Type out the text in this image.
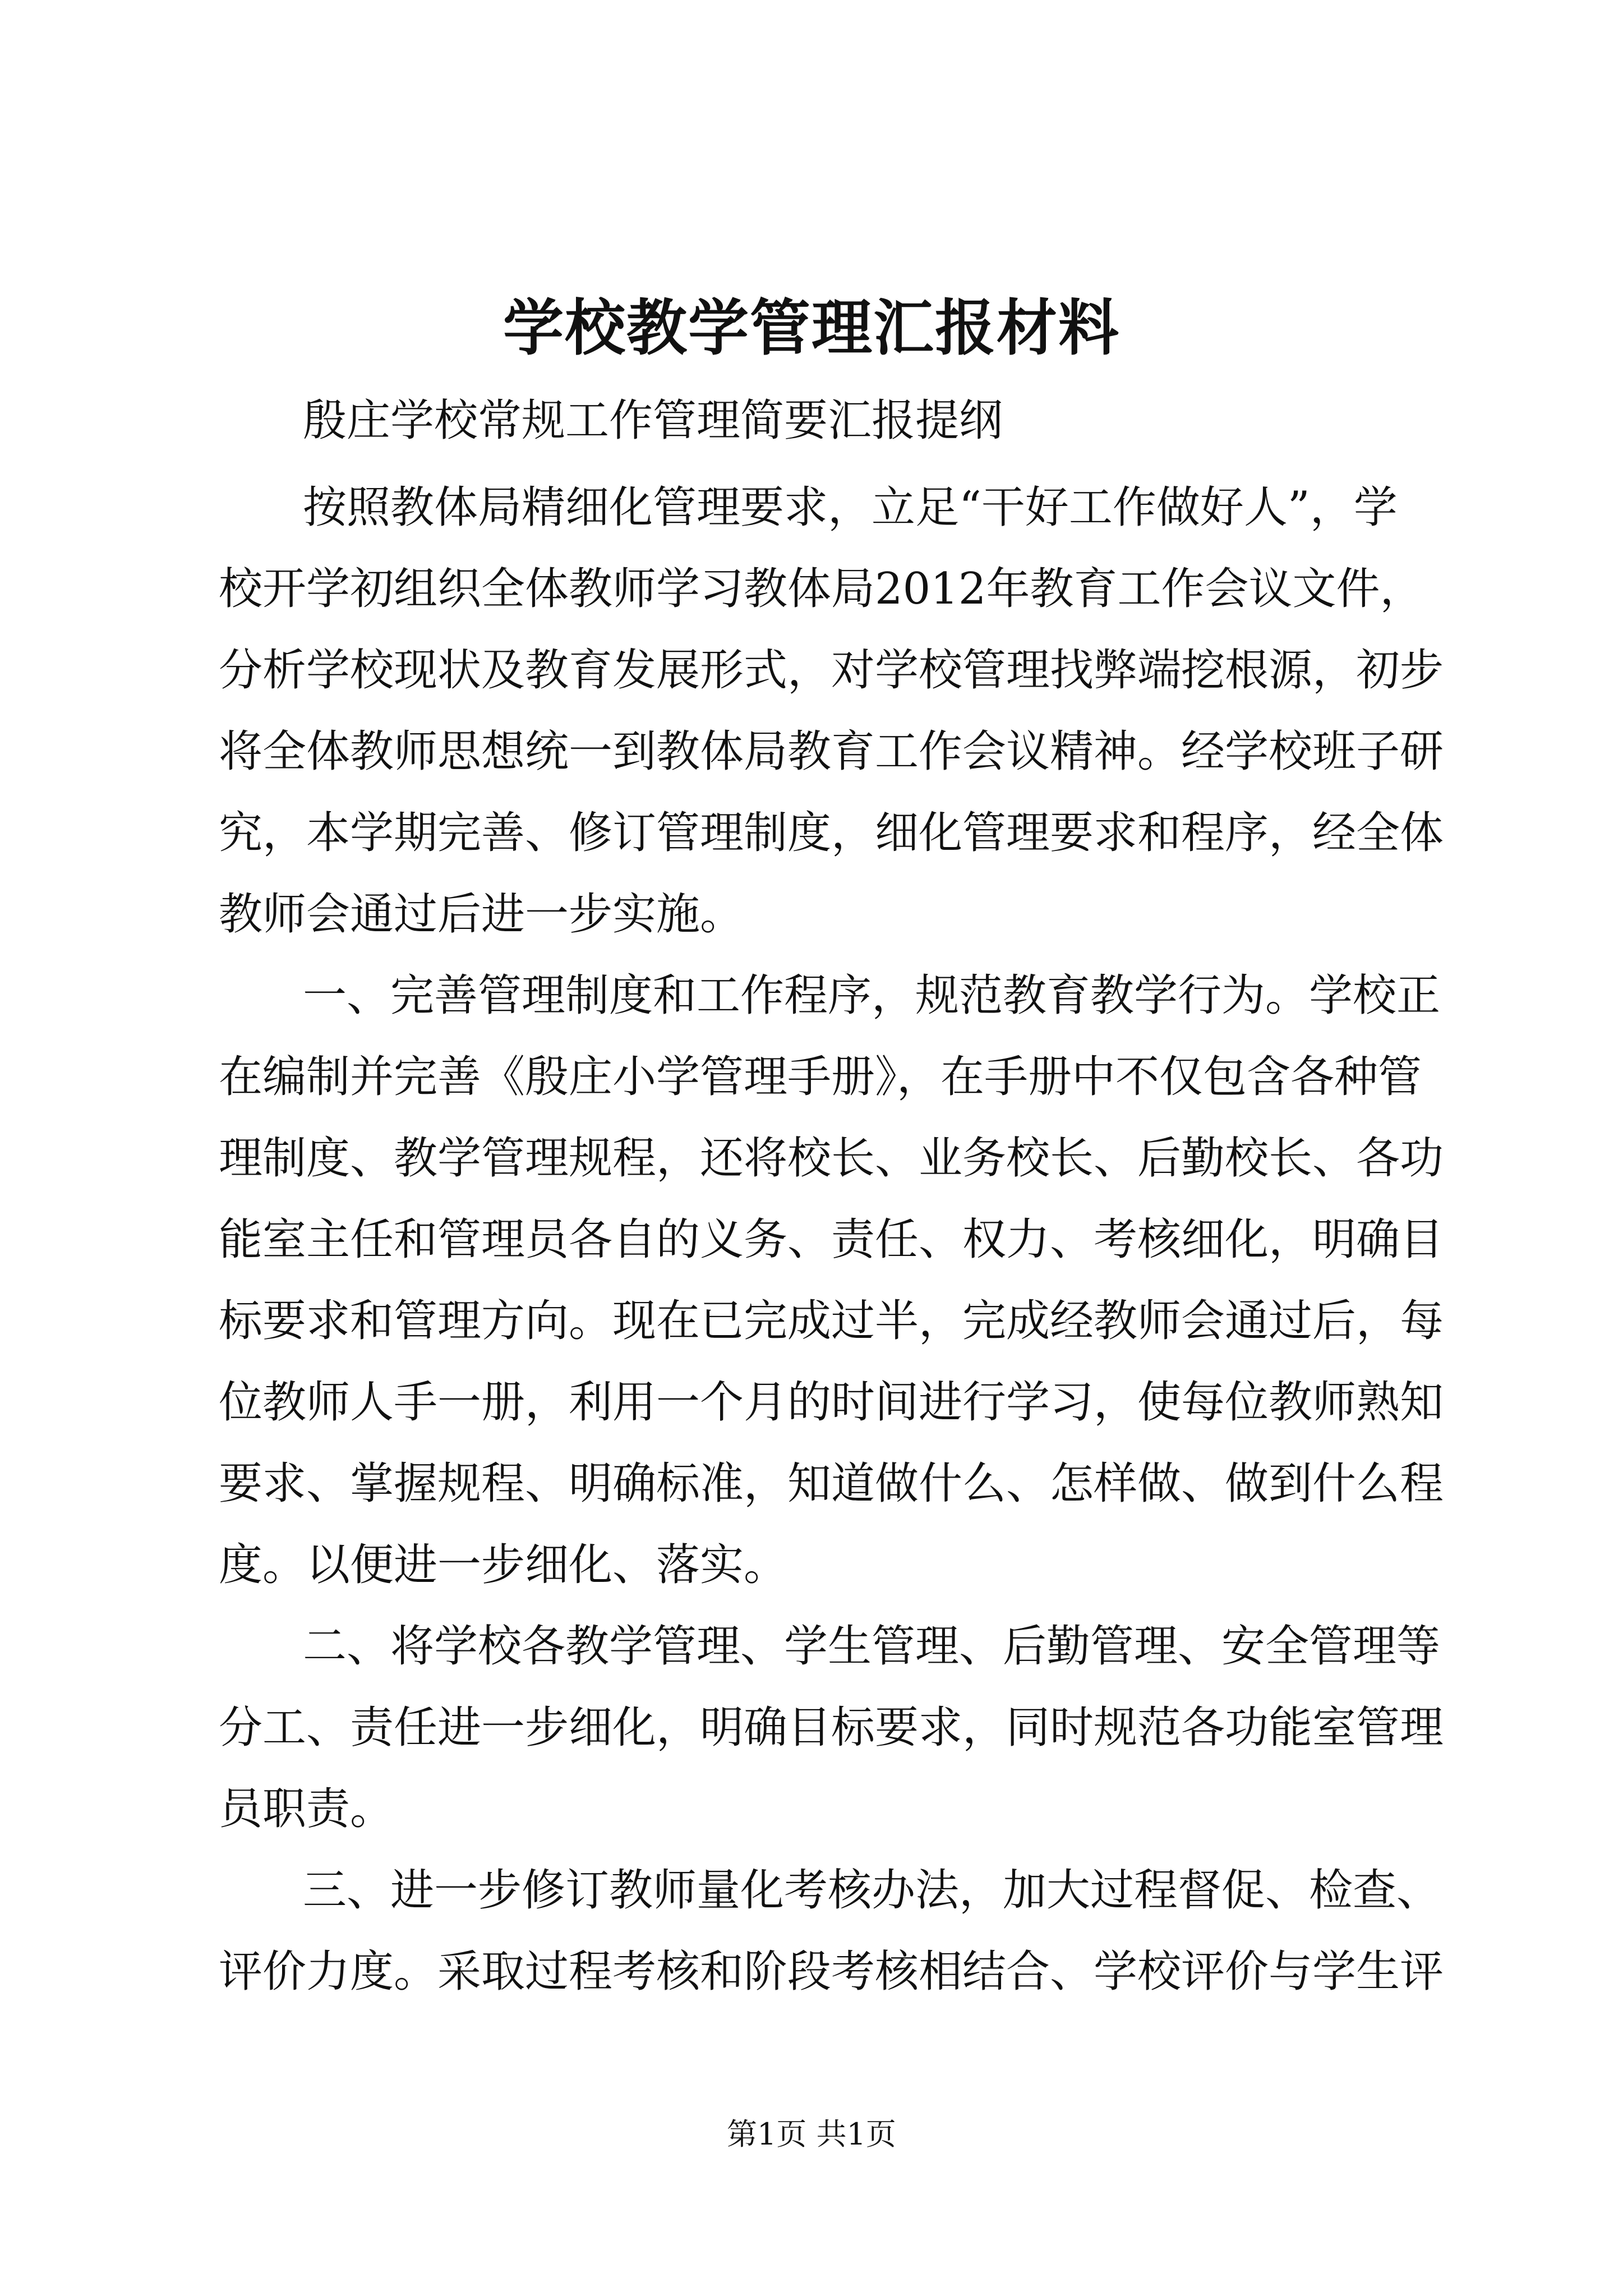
学校教学管理汇报材料
殷庄学校常规工作管理简要汇报提纲
按照教体局精细化管理要求，立足“干好工作做好人”，学
校开学初组织全体教师学习教体局2012年教育工作会议文件，
分析学校现状及教育发展形式，对学校管理找弊端挖根源，初步
将全体教师思想统一到教体局教育工作会议精神。经学校班子研
究，本学期完善、修订管理制度，细化管理要求和程序，经全体
教师会通过后进一步实施。
一、完善管理制度和工作程序，规范教育教学行为。学校正
在编制并完善《殷庄小学管理手册》，在手册中不仅包含各种管
理制度、教学管理规程，还将校长、业务校长、后勤校长、各功
能室主任和管理员各自的义务、责任、权力、考核细化，明确目
标要求和管理方向。现在已完成过半，完成经教师会通过后，每
位教师人手一册，利用一个月的时间进行学习，使每位教师熟知
要求、掌握规程、明确标准，知道做什么、怎样做、做到什么程
度。以便进一步细化、落实。
二、将学校各教学管理、学生管理、后勤管理、安全管理等
分工、责任进一步细化，明确目标要求，同时规范各功能室管理
员职责。
三、进一步修订教师量化考核办法，加大过程督促、检查、
评价力度。采取过程考核和阶段考核相结合、学校评价与学生评
第1页 共1页
